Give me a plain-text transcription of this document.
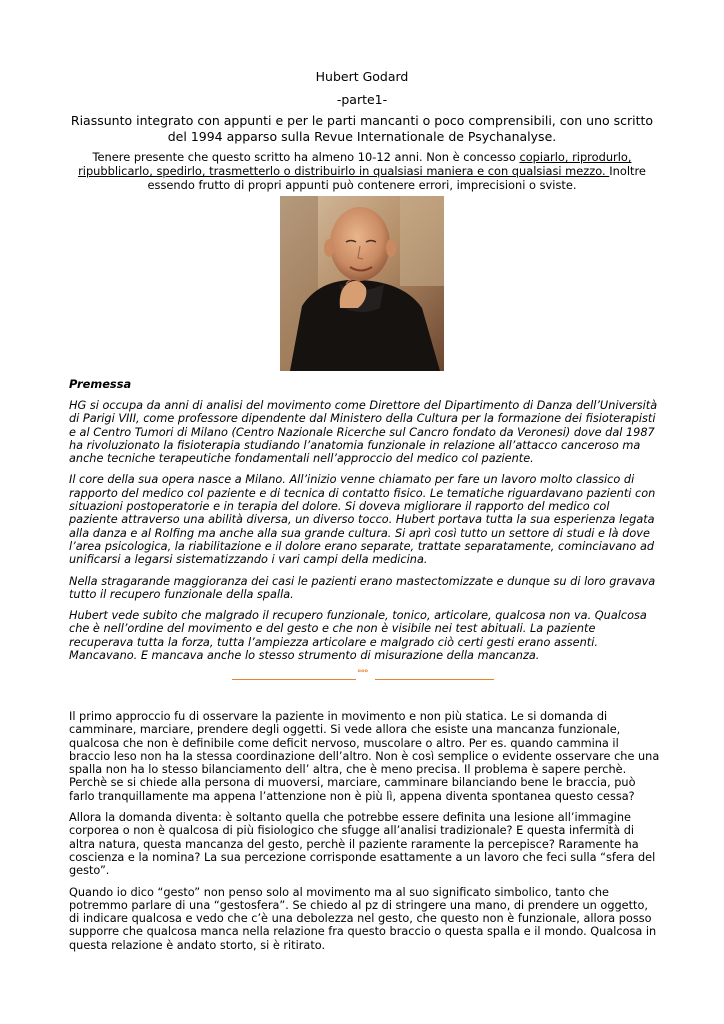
Hubert Godard
-parte1-
Riassunto integrato con appunti e per le parti mancanti o poco comprensibili, con uno scritto del 1994 apparso sulla Revue Internationale de Psychanalyse.
Tenere presente che questo scritto ha almeno 10-12 anni. Non è concesso copiarlo, riprodurlo, ripubblicarlo, spedirlo, trasmetterlo o distribuirlo in qualsiasi maniera e con qualsiasi mezzo. Inoltre essendo frutto di propri appunti può contenere errori, imprecisioni o sviste.
Premessa

HG si occupa da anni di analisi del movimento come Direttore del Dipartimento di Danza dell’Università di Parigi VIII, come professore dipendente dal Ministero della Cultura per la formazione dei fisioterapisti e al Centro Tumori di Milano (Centro Nazionale Ricerche sul Cancro fondato da Veronesi) dove dal 1987 ha rivoluzionato la fisioterapia studiando l’anatomia funzionale in relazione all’attacco canceroso ma anche tecniche terapeutiche fondamentali nell’approccio del medico col paziente.

Il core della sua opera nasce a Milano. All’inizio venne chiamato per fare un lavoro molto classico di rapporto del medico col paziente e di tecnica di contatto fisico. Le tematiche riguardavano pazienti con situazioni postoperatorie e in terapia del dolore. Si doveva migliorare il rapporto del medico col paziente attraverso una abilità diversa, un diverso tocco. Hubert portava tutta la sua esperienza legata alla danza e al Rolfing ma anche alla sua grande cultura. Si aprì così tutto un settore di studi e là dove l’area psicologica, la riabilitazione e il dolore erano separate, trattate separatamente, cominciavano ad unificarsi a legarsi sistematizzando i vari campi della medicina.

Nella stragarande maggioranza dei casi le pazienti erano mastectomizzate e dunque su di loro gravava tutto il recupero funzionale della spalla.

Hubert vede subito che malgrado il recupero funzionale, tonico, articolare, qualcosa non va. Qualcosa che è nell’ordine del movimento e del gesto e che non è visibile nei test abituali. La paziente recuperava tutta la forza, tutta l’ampiezza articolare e malgrado ciò certi gesti erano assenti. Mancavano. E mancava anche lo stesso strumento di misurazione della mancanza.

°°°

Il primo approccio fu di osservare la paziente in movimento e non più statica. Le si domanda di camminare, marciare, prendere degli oggetti. Si vede allora che esiste una mancanza funzionale, qualcosa che non è definibile come deficit nervoso, muscolare o altro. Per es. quando cammina il braccio leso non ha la stessa coordinazione dell’altro. Non è così semplice o evidente osservare che una spalla non ha lo stesso bilanciamento dell’ altra, che è meno precisa. Il problema è sapere perchè. Perchè se si chiede alla persona di muoversi, marciare, camminare bilanciando bene le braccia, può farlo tranquillamente ma appena l’attenzione non è più lì, appena diventa spontanea questo cessa?

Allora la domanda diventa: è soltanto quella che potrebbe essere definita una lesione all’immagine corporea o non è qualcosa di più fisiologico che sfugge all’analisi tradizionale? E questa infermità di altra natura, questa mancanza del gesto, perchè il paziente raramente la percepisce? Raramente ha coscienza e la nomina? La sua percezione corrisponde esattamente a un lavoro che feci sulla “sfera del gesto”.

Quando io dico “gesto” non penso solo al movimento ma al suo significato simbolico, tanto che potremmo parlare di una “gestosfera”. Se chiedo al pz di stringere una mano, di prendere un oggetto, di indicare qualcosa e vedo che c’è una debolezza nel gesto, che questo non è funzionale, allora posso supporre che qualcosa manca nella relazione fra questo braccio o questa spalla e il mondo. Qualcosa in questa relazione è andato storto, si è ritirato.
